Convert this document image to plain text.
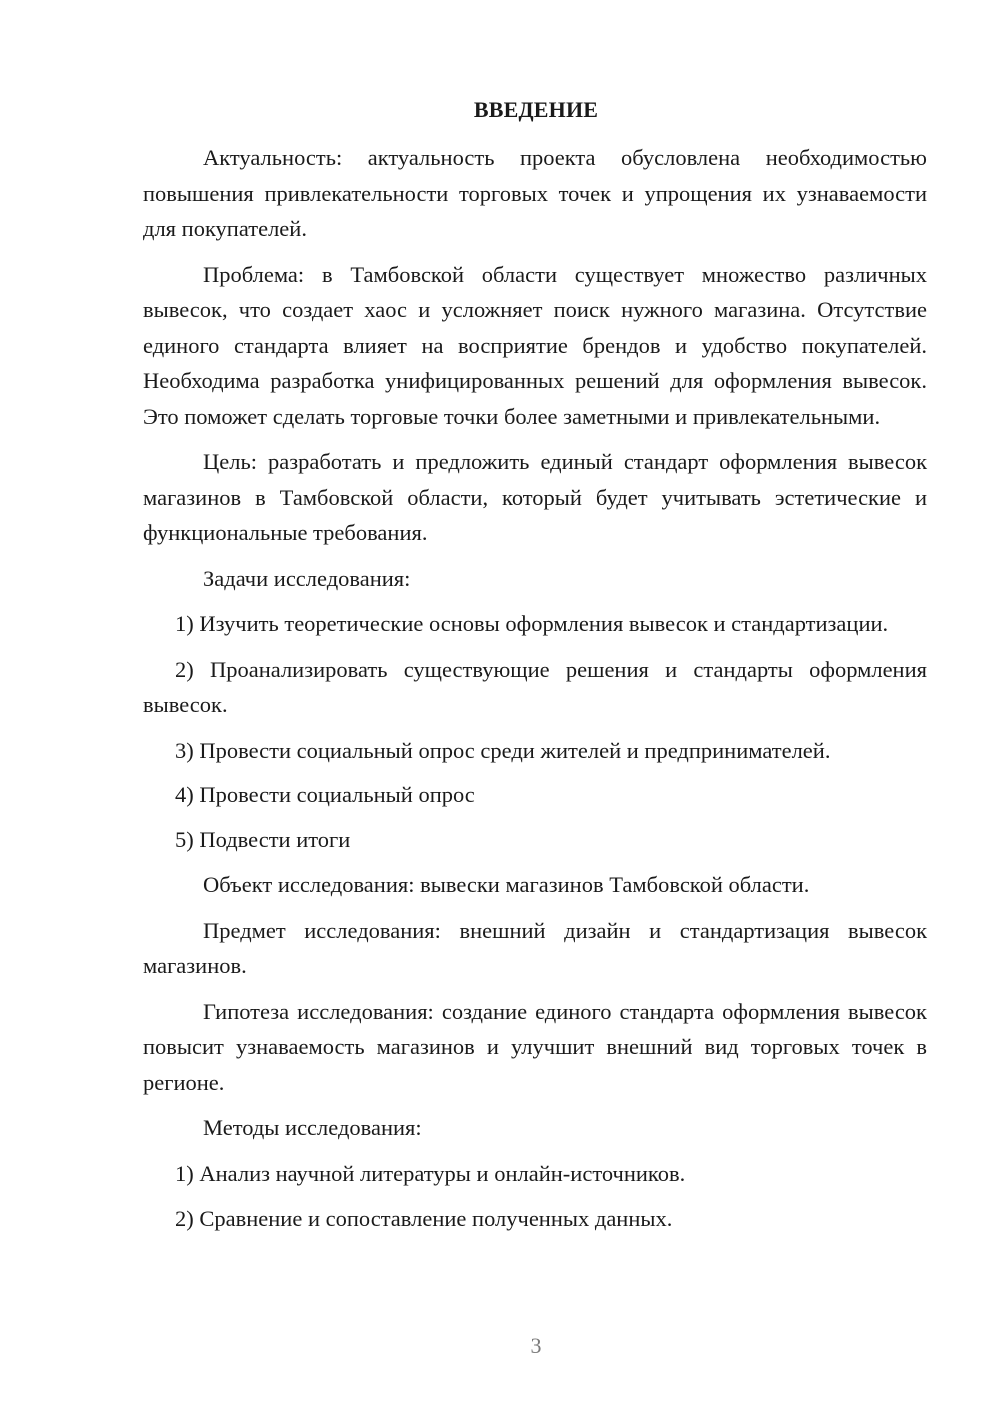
ВВЕДЕНИЕ

Актуальность: актуальность проекта обусловлена необходимостью повышения привлекательности торговых точек и упрощения их узнаваемости для покупателей.

Проблема: в Тамбовской области существует множество различных вывесок, что создает хаос и усложняет поиск нужного магазина. Отсутствие единого стандарта влияет на восприятие брендов и удобство покупателей. Необходима разработка унифицированных решений для оформления вывесок. Это поможет сделать торговые точки более заметными и привлекательными.

Цель: разработать и предложить единый стандарт оформления вывесок магазинов в Тамбовской области, который будет учитывать эстетические и функциональные требования.

Задачи исследования:

1) Изучить теоретические основы оформления вывесок и стандартизации.

2) Проанализировать существующие решения и стандарты оформления вывесок.

3) Провести социальный опрос среди жителей и предпринимателей.

4) Провести социальный опрос

5) Подвести итоги

Объект исследования: вывески магазинов Тамбовской области.

Предмет исследования: внешний дизайн и стандартизация вывесок магазинов.

Гипотеза исследования: создание единого стандарта оформления вывесок повысит узнаваемость магазинов и улучшит внешний вид торговых точек в регионе.

Методы исследования:

1) Анализ научной литературы и онлайн-источников.

2) Сравнение и сопоставление полученных данных.

3
